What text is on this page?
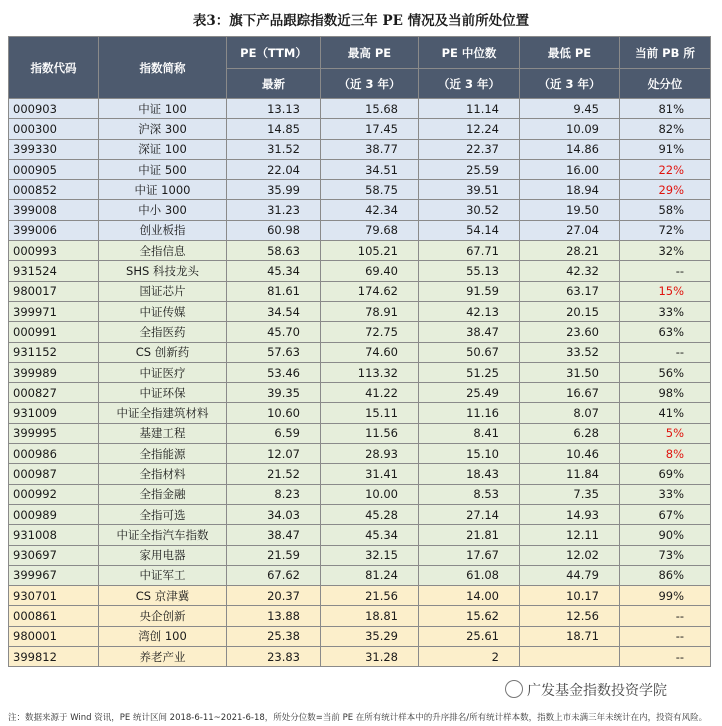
表3：旗下产品跟踪指数近三年 PE 情况及当前所处位置
指数代码	指数简称	PE（TTM）	最高 PE	PE 中位数	最低 PE	当前 PB 所
		最新	（近 3 年）	（近 3 年）	（近 3 年）	处分位
000903	中证 100	13.13	15.68	11.14	9.45	81%
000300	沪深 300	14.85	17.45	12.24	10.09	82%
399330	深证 100	31.52	38.77	22.37	14.86	91%
000905	中证 500	22.04	34.51	25.59	16.00	22%
000852	中证 1000	35.99	58.75	39.51	18.94	29%
399008	中小 300	31.23	42.34	30.52	19.50	58%
399006	创业板指	60.98	79.68	54.14	27.04	72%
000993	全指信息	58.63	105.21	67.71	28.21	32%
931524	SHS 科技龙头	45.34	69.40	55.13	42.32	--
980017	国证芯片	81.61	174.62	91.59	63.17	15%
399971	中证传媒	34.54	78.91	42.13	20.15	33%
000991	全指医药	45.70	72.75	38.47	23.60	63%
931152	CS 创新药	57.63	74.60	50.67	33.52	--
399989	中证医疗	53.46	113.32	51.25	31.50	56%
000827	中证环保	39.35	41.22	25.49	16.67	98%
931009	中证全指建筑材料	10.60	15.11	11.16	8.07	41%
399995	基建工程	6.59	11.56	8.41	6.28	5%
000986	全指能源	12.07	28.93	15.10	10.46	8%
000987	全指材料	21.52	31.41	18.43	11.84	69%
000992	全指金融	8.23	10.00	8.53	7.35	33%
000989	全指可选	34.03	45.28	27.14	14.93	67%
931008	中证全指汽车指数	38.47	45.34	21.81	12.11	90%
930697	家用电器	21.59	32.15	17.67	12.02	73%
399967	中证军工	67.62	81.24	61.08	44.79	86%
930701	CS 京津冀	20.37	21.56	14.00	10.17	99%
000861	央企创新	13.88	18.81	15.62	12.56	--
980001	湾创 100	25.38	35.29	25.61	18.71	--
399812	养老产业	23.83	31.28	2		--
广发基金指数投资学院
注：数据来源于 Wind 资讯，PE 统计区间 2018-6-11~2021-6-18，所处分位数=当前 PE 在所有统计样本中的升序排名/所有统计样本数，指数上市未满三年未统计在内，投资有风险。
